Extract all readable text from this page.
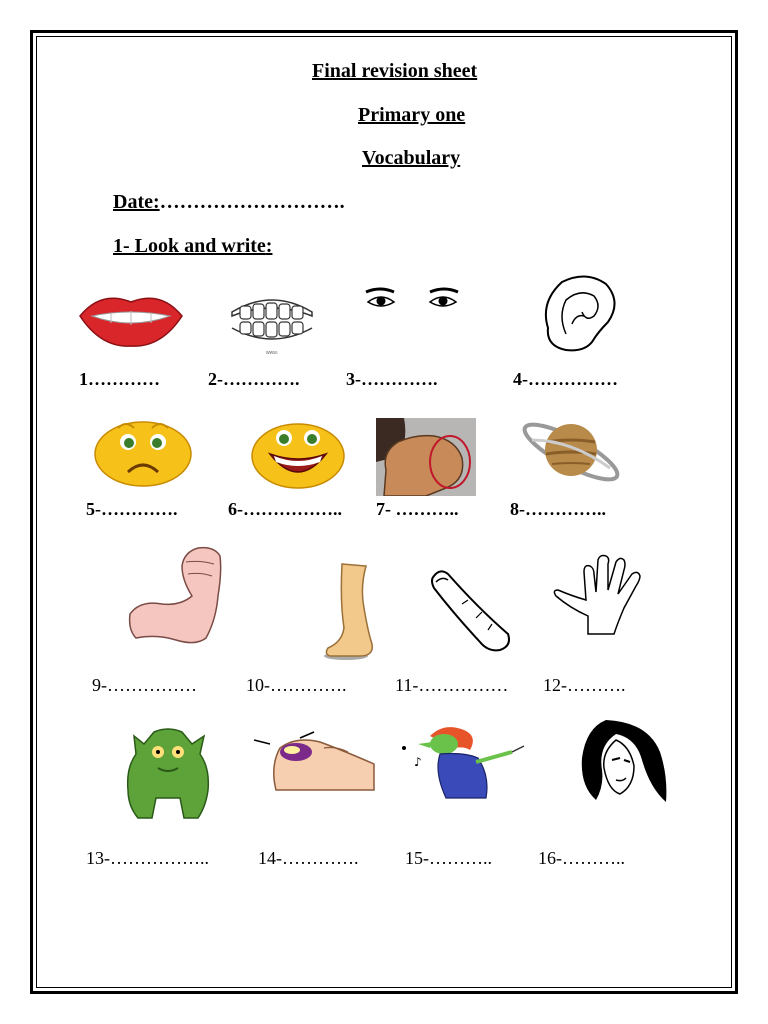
Final revision sheet
Primary one
Vocabulary
Date:……………………….
1- Look and write:
www.
1…………	2-………….	3-………….	4-……………
5-………….	6-…………….. 7- ………..	8-…………..
9-……………	10-………….	11-…………… 12-……….
♪
13-……………..	14-………….	15-………..	16-………..
